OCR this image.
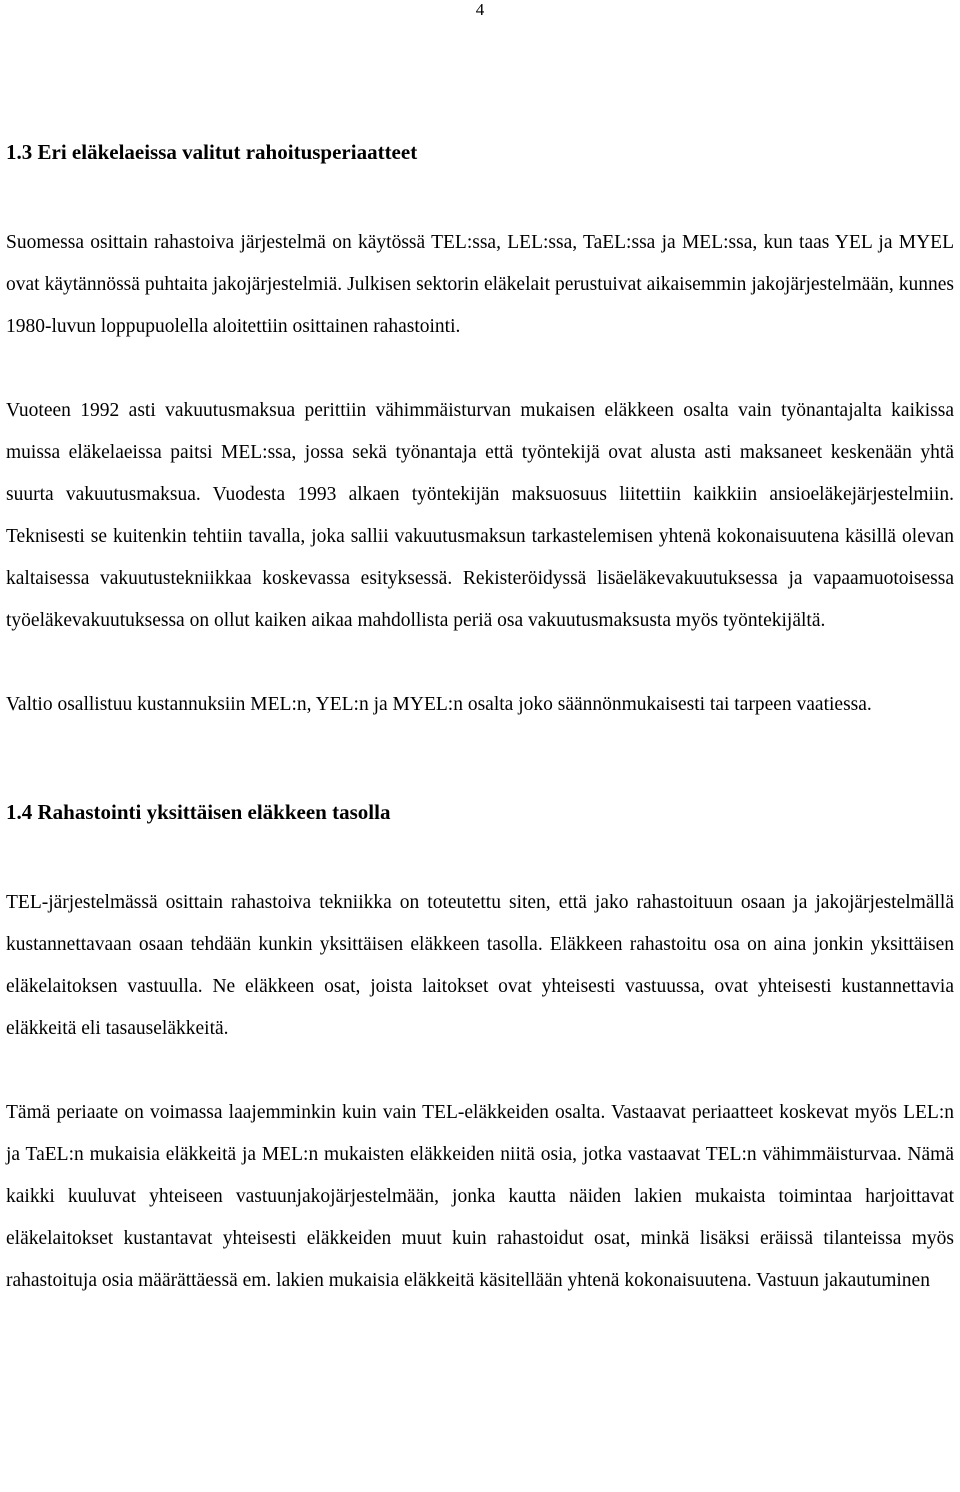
4
1.3 Eri eläkelaeissa valitut rahoitusperiaatteet

Suomessa osittain rahastoiva järjestelmä on käytössä TEL:ssa, LEL:ssa, TaEL:ssa ja MEL:ssa, kun taas YEL ja MYEL ovat käytännössä puhtaita jakojärjestelmiä. Julkisen sektorin eläkelait perustuivat aikaisemmin jakojärjestelmään, kunnes 1980-luvun loppupuolella aloitettiin osittainen rahastointi.

Vuoteen 1992 asti vakuutusmaksua perittiin vähimmäisturvan mukaisen eläkkeen osalta vain työnantajalta kaikissa muissa eläkelaeissa paitsi MEL:ssa, jossa sekä työnantaja että työntekijä ovat alusta asti maksaneet keskenään yhtä suurta vakuutusmaksua. Vuodesta 1993 alkaen työntekijän maksuosuus liitettiin kaikkiin ansioeläkejärjestelmiin. Teknisesti se kuitenkin tehtiin tavalla, joka sallii vakuutusmaksun tarkastelemisen yhtenä kokonaisuutena käsillä olevan kaltaisessa vakuutustekniikkaa koskevassa esityksessä. Rekisteröidyssä lisäeläkevakuutuksessa ja vapaamuotoisessa työeläkevakuutuksessa on ollut kaiken aikaa mahdollista periä osa vakuutusmaksusta myös työntekijältä.

Valtio osallistuu kustannuksiin MEL:n, YEL:n ja MYEL:n osalta joko säännönmukaisesti tai tarpeen vaatiessa.

1.4 Rahastointi yksittäisen eläkkeen tasolla

TEL-järjestelmässä osittain rahastoiva tekniikka on toteutettu siten, että jako rahastoituun osaan ja jakojärjestelmällä kustannettavaan osaan tehdään kunkin yksittäisen eläkkeen tasolla. Eläkkeen rahastoitu osa on aina jonkin yksittäisen eläkelaitoksen vastuulla. Ne eläkkeen osat, joista laitokset ovat yhteisesti vastuussa, ovat yhteisesti kustannettavia eläkkeitä eli tasauseläkkeitä.

Tämä periaate on voimassa laajemminkin kuin vain TEL-eläkkeiden osalta. Vastaavat periaatteet koskevat myös LEL:n ja TaEL:n mukaisia eläkkeitä ja MEL:n mukaisten eläkkeiden niitä osia, jotka vastaavat TEL:n vähimmäisturvaa. Nämä kaikki kuuluvat yhteiseen vastuunjakojärjestelmään, jonka kautta näiden lakien mukaista toimintaa harjoittavat eläkelaitokset kustantavat yhteisesti eläkkeiden muut kuin rahastoidut osat, minkä lisäksi eräissä tilanteissa myös rahastoituja osia määrättäessä em. lakien mukaisia eläkkeitä käsitellään yhtenä kokonaisuutena. Vastuun jakautuminen
